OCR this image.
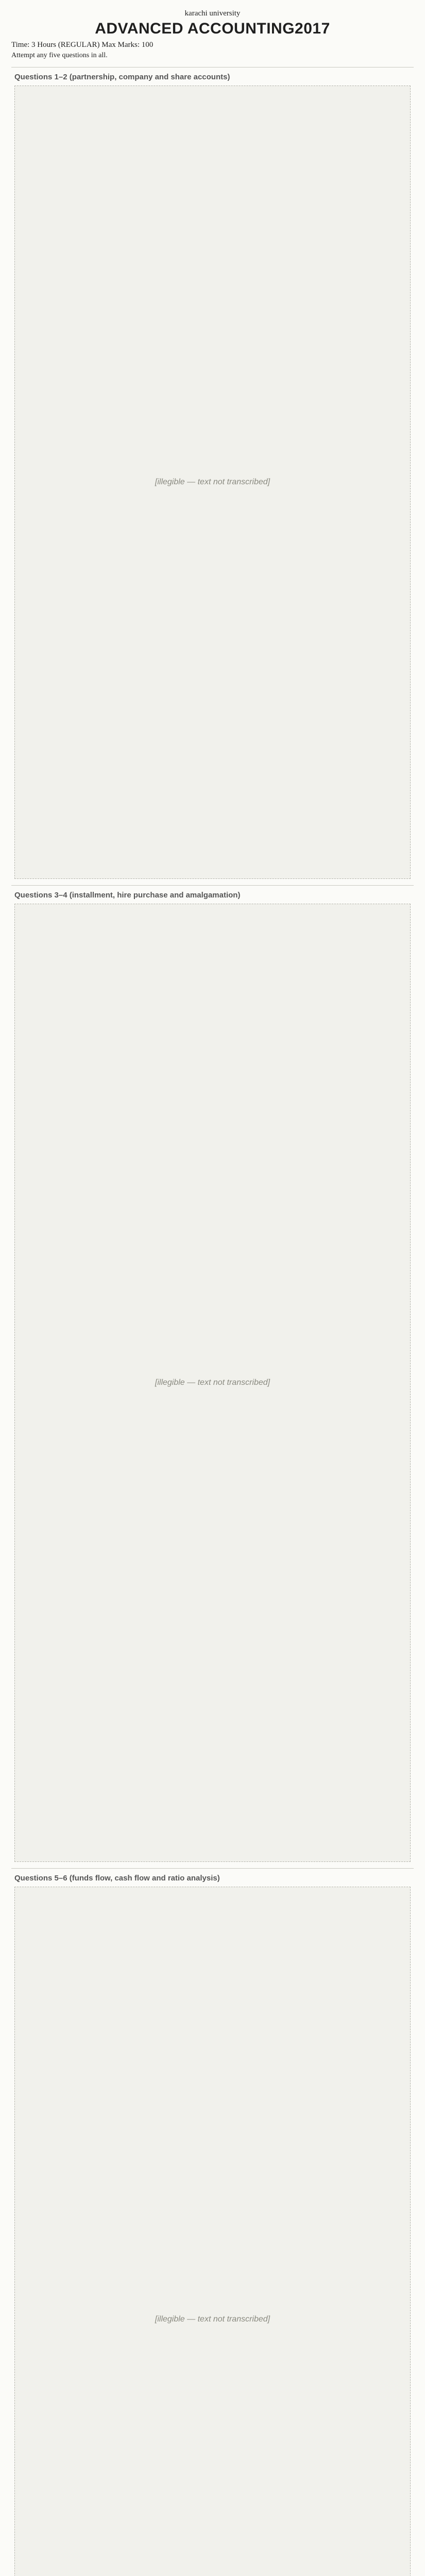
karachi university
ADVANCED ACCOUNTING2017
Time: 3 Hours (REGULAR) Max Marks: 100
Attempt any five questions in all.
Questions 1–2 (partnership, company and share accounts)
[illegible — text not transcribed]
Questions 3–4 (installment, hire purchase and amalgamation)
[illegible — text not transcribed]
Questions 5–6 (funds flow, cash flow and ratio analysis)
[illegible — text not transcribed]
